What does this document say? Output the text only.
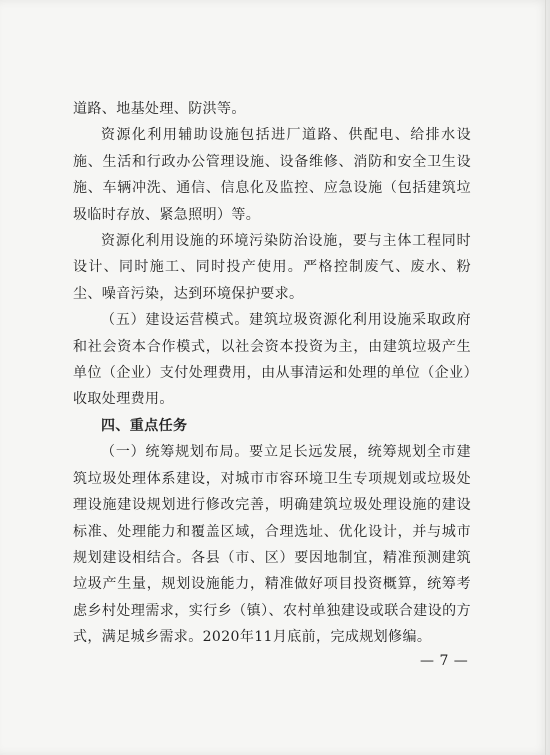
道路、地基处理、防洪等。

资源化利用辅助设施包括进厂道路、供配电、给排水设施、生活和行政办公管理设施、设备维修、消防和安全卫生设施、车辆冲洗、通信、信息化及监控、应急设施（包括建筑垃圾临时存放、紧急照明）等。

资源化利用设施的环境污染防治设施，要与主体工程同时设计、同时施工、同时投产使用。严格控制废气、废水、粉尘、噪音污染，达到环境保护要求。

（五）建设运营模式。建筑垃圾资源化利用设施采取政府和社会资本合作模式，以社会资本投资为主，由建筑垃圾产生单位（企业）支付处理费用，由从事清运和处理的单位（企业）收取处理费用。

四、重点任务

（一）统筹规划布局。要立足长远发展，统筹规划全市建筑垃圾处理体系建设，对城市市容环境卫生专项规划或垃圾处理设施建设规划进行修改完善，明确建筑垃圾处理设施的建设标准、处理能力和覆盖区域，合理选址、优化设计，并与城市规划建设相结合。各县（市、区）要因地制宜，精准预测建筑垃圾产生量，规划设施能力，精准做好项目投资概算，统筹考虑乡村处理需求，实行乡（镇）、农村单独建设或联合建设的方式，满足城乡需求。2020年11月底前，完成规划修编。

— 7 —
